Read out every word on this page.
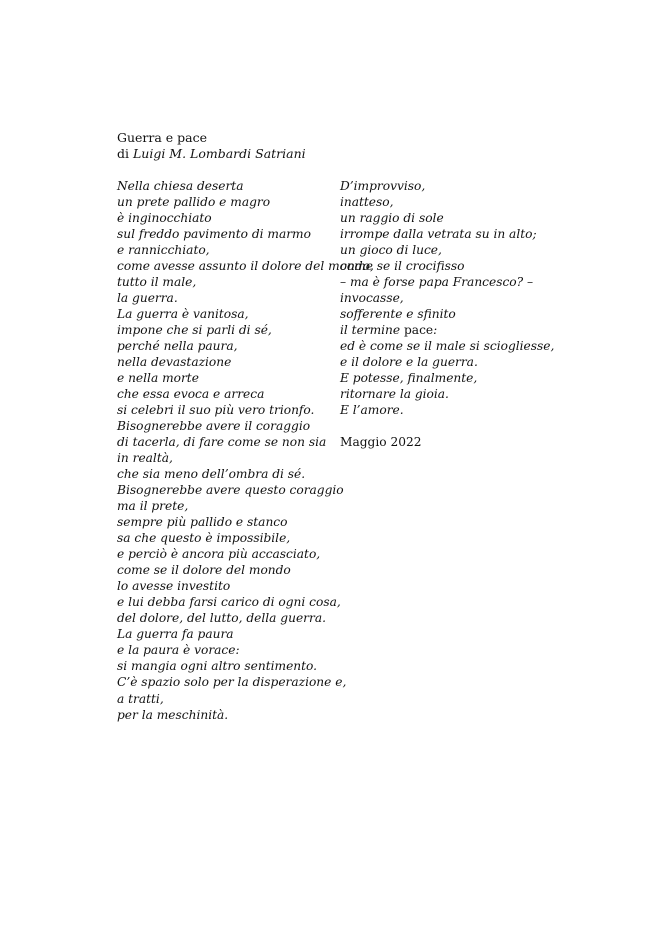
Guerra e pace
di Luigi M. Lombardi Satriani
Nella chiesa deserta
un prete pallido e magro
è inginocchiato
sul freddo pavimento di marmo
e rannicchiato,
come avesse assunto il dolore del mondo,
tutto il male,
la guerra.
La guerra è vanitosa,
impone che si parli di sé,
perché nella paura,
nella devastazione
e nella morte
che essa evoca e arreca
si celebri il suo più vero trionfo.
Bisognerebbe avere il coraggio
di tacerla, di fare come se non sia
in realtà,
che sia meno dell’ombra di sé.
Bisognerebbe avere questo coraggio
ma il prete,
sempre più pallido e stanco
sa che questo è impossibile,
e perciò è ancora più accasciato,
come se il dolore del mondo
lo avesse investito
e lui debba farsi carico di ogni cosa,
del dolore, del lutto, della guerra.
La guerra fa paura
e la paura è vorace:
si mangia ogni altro sentimento.
C’è spazio solo per la disperazione e,
a tratti,
per la meschinità.
D’improvviso,
inatteso,
un raggio di sole
irrompe dalla vetrata su in alto;
un gioco di luce,
come se il crocifisso
– ma è forse papa Francesco? –
invocasse,
sofferente e sfinito
il termine pace:
ed è come se il male si sciogliesse,
e il dolore e la guerra.
E potesse, finalmente,
ritornare la gioia.
E l’amore.
Maggio 2022
